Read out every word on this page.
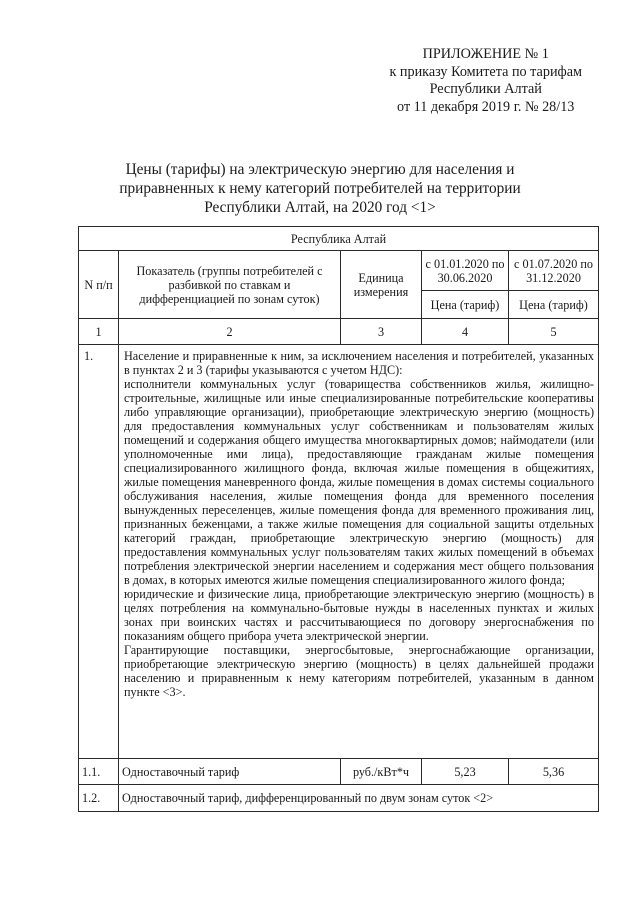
ПРИЛОЖЕНИЕ № 1
к приказу Комитета по тарифам
Республики Алтай
от 11 декабря 2019 г. № 28/13
Цены (тарифы) на электрическую энергию для населения и
приравненных к нему категорий потребителей на территории
Республики Алтай, на 2020 год <1>
Республика Алтай				
N п/п	Показатель (группы потребителей с разбивкой по ставкам и дифференциацией по зонам суток)	Единица измерения	с 01.01.2020 по 30.06.2020	с 01.07.2020 по 31.12.2020
			Цена (тариф)	Цена (тариф)
1	2	3	4	5
1.	Население и приравненные к ним, за исключением населения и потребителей, указанных в пунктах 2 и 3 (тарифы указываются с учетом НДС):

исполнители коммунальных услуг (товарищества собственников жилья, жилищно-строительные, жилищные или иные специализированные потребительские кооперативы либо управляющие организации), приобретающие электрическую энергию (мощность) для предоставления коммунальных услуг собственникам и пользователям жилых помещений и содержания общего имущества многоквартирных домов; наймодатели (или уполномоченные ими лица), предоставляющие гражданам жилые помещения специализированного жилищного фонда, включая жилые помещения в общежитиях, жилые помещения маневренного фонда, жилые помещения в домах системы социального обслуживания населения, жилые помещения фонда для временного поселения вынужденных переселенцев, жилые помещения фонда для временного проживания лиц, признанных беженцами, а также жилые помещения для социальной защиты отдельных категорий граждан, приобретающие электрическую энергию (мощность) для предоставления коммунальных услуг пользователям таких жилых помещений в объемах потребления электрической энергии населением и содержания мест общего пользования в домах, в которых имеются жилые помещения специализированного жилого фонда;

юридические и физические лица, приобретающие электрическую энергию (мощность) в целях потребления на коммунально-бытовые нужды в населенных пунктах и жилых зонах при воинских частях и рассчитывающиеся по договору энергоснабжения по показаниям общего прибора учета электрической энергии.

Гарантирующие поставщики, энергосбытовые, энергоснабжающие организации, приобретающие электрическую энергию (мощность) в целях дальнейшей продажи населению и приравненным к нему категориям потребителей, указанным в данном пункте <3>.			

1.1.	Одноставочный тариф	руб./кВт*ч	5,23	5,36
1.2.	Одноставочный тариф, дифференцированный по двум зонам суток <2>			
